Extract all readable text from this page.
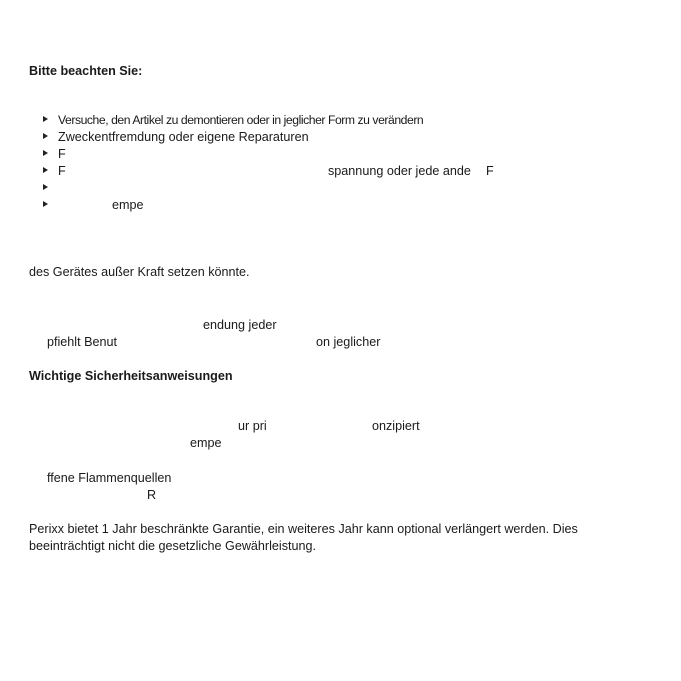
Bitte beachten Sie:
Versuche, den Artikel zu demontieren oder in jeglicher Form zu verändern
Zweckentfremdung oder eigene Reparaturen
F
F	spannung oder jede ande F
empe
des Gerätes außer Kraft setzen könnte.
endung jeder
pfiehlt Benut	on jeglicher
Wichtige Sicherheitsanweisungen
ur pri	onzipiert
empe
ffene Flammenquellen
R
Perixx bietet 1 Jahr beschränkte Garantie, ein weiteres Jahr kann optional verlängert werden. Dies
beeinträchtigt nicht die gesetzliche Gewährleistung.
